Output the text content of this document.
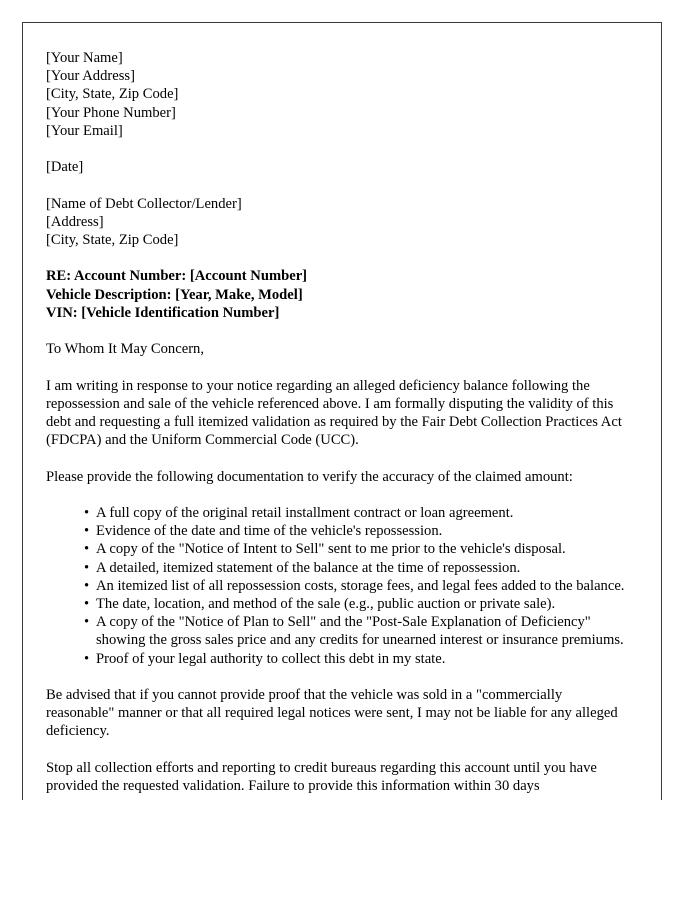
[Your Name]
[Your Address]
[City, State, Zip Code]
[Your Phone Number]
[Your Email]
[Date]
[Name of Debt Collector/Lender]
[Address]
[City, State, Zip Code]
RE: Account Number: [Account Number]
Vehicle Description: [Year, Make, Model]
VIN: [Vehicle Identification Number]

To Whom It May Concern,

I am writing in response to your notice regarding an alleged deficiency balance following the repossession and sale of the vehicle referenced above. I am formally disputing the validity of this debt and requesting a full itemized validation as required by the Fair Debt Collection Practices Act (FDCPA) and the Uniform Commercial Code (UCC).

Please provide the following documentation to verify the accuracy of the claimed amount:

• A full copy of the original retail installment contract or loan agreement.
• Evidence of the date and time of the vehicle's repossession.
• A copy of the "Notice of Intent to Sell" sent to me prior to the vehicle's disposal.
• A detailed, itemized statement of the balance at the time of repossession.
• An itemized list of all repossession costs, storage fees, and legal fees added to the balance.
• The date, location, and method of the sale (e.g., public auction or private sale).
• A copy of the "Notice of Plan to Sell" and the "Post-Sale Explanation of Deficiency" showing the gross sales price and any credits for unearned interest or insurance premiums.
• Proof of your legal authority to collect this debt in my state.

Be advised that if you cannot provide proof that the vehicle was sold in a "commercially reasonable" manner or that all required legal notices were sent, I may not be liable for any alleged deficiency.

Stop all collection efforts and reporting to credit bureaus regarding this account until you have provided the requested validation. Failure to provide this information within 30 days
